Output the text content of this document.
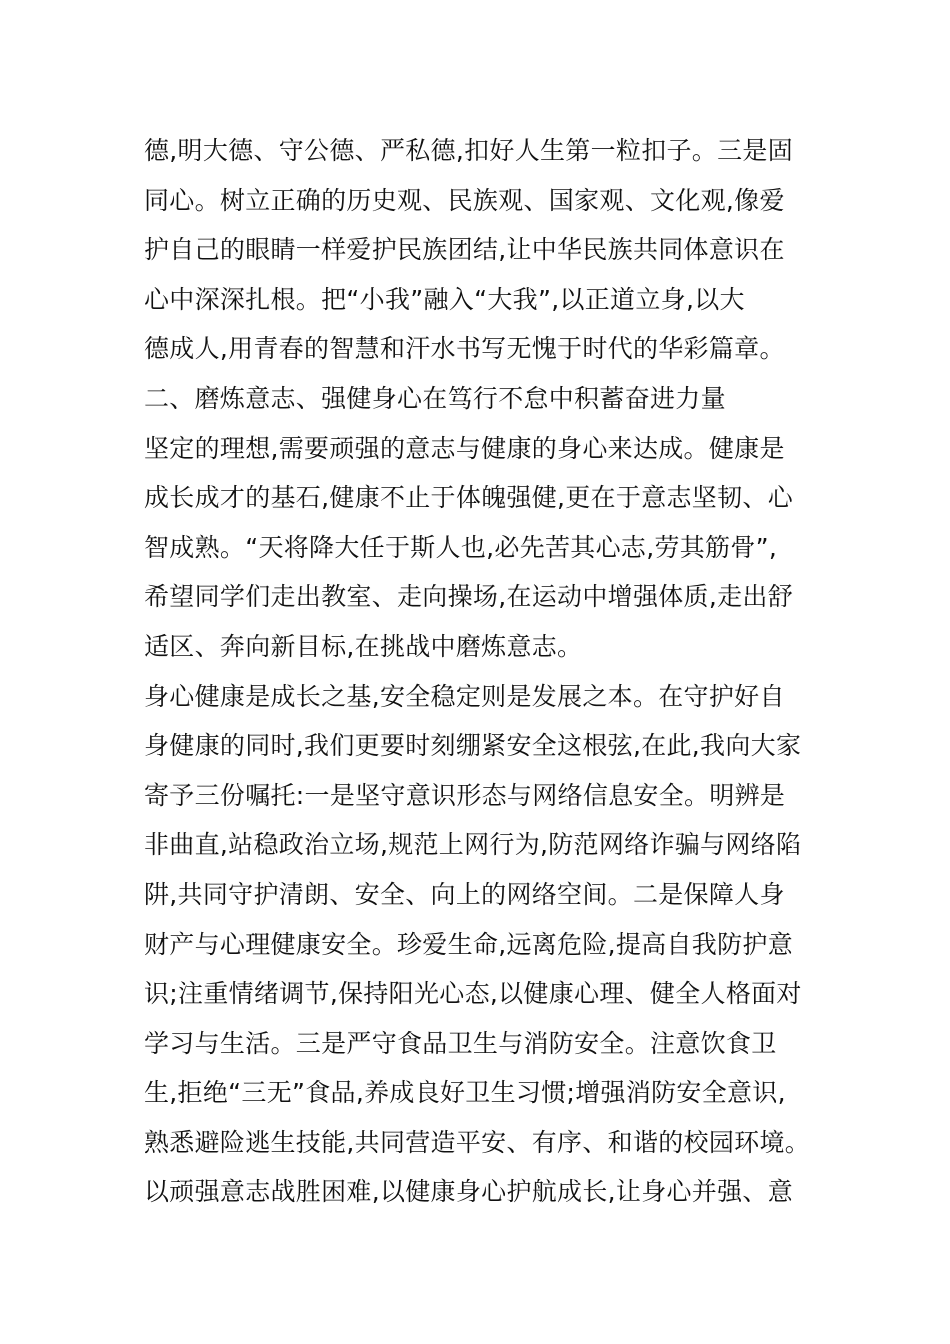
德,明大德、守公德、严私德,扣好人生第一粒扣子。三是固
同心。树立正确的历史观、民族观、国家观、文化观,像爱
护自己的眼睛一样爱护民族团结,让中华民族共同体意识在
心中深深扎根。把“小我”融入“大我”,以正道立身,以大
德成人,用青春的智慧和汗水书写无愧于时代的华彩篇章。
二、磨炼意志、强健身心在笃行不怠中积蓄奋进力量
坚定的理想,需要顽强的意志与健康的身心来达成。健康是
成长成才的基石,健康不止于体魄强健,更在于意志坚韧、心
智成熟。“天将降大任于斯人也,必先苦其心志,劳其筋骨”,
希望同学们走出教室、走向操场,在运动中增强体质,走出舒
适区、奔向新目标,在挑战中磨炼意志。
身心健康是成长之基,安全稳定则是发展之本。在守护好自
身健康的同时,我们更要时刻绷紧安全这根弦,在此,我向大家
寄予三份嘱托:一是坚守意识形态与网络信息安全。明辨是
非曲直,站稳政治立场,规范上网行为,防范网络诈骗与网络陷
阱,共同守护清朗、安全、向上的网络空间。二是保障人身
财产与心理健康安全。珍爱生命,远离危险,提高自我防护意
识;注重情绪调节,保持阳光心态,以健康心理、健全人格面对
学习与生活。三是严守食品卫生与消防安全。注意饮食卫
生,拒绝“三无”食品,养成良好卫生习惯;增强消防安全意识,
熟悉避险逃生技能,共同营造平安、有序、和谐的校园环境。
以顽强意志战胜困难,以健康身心护航成长,让身心并强、意
